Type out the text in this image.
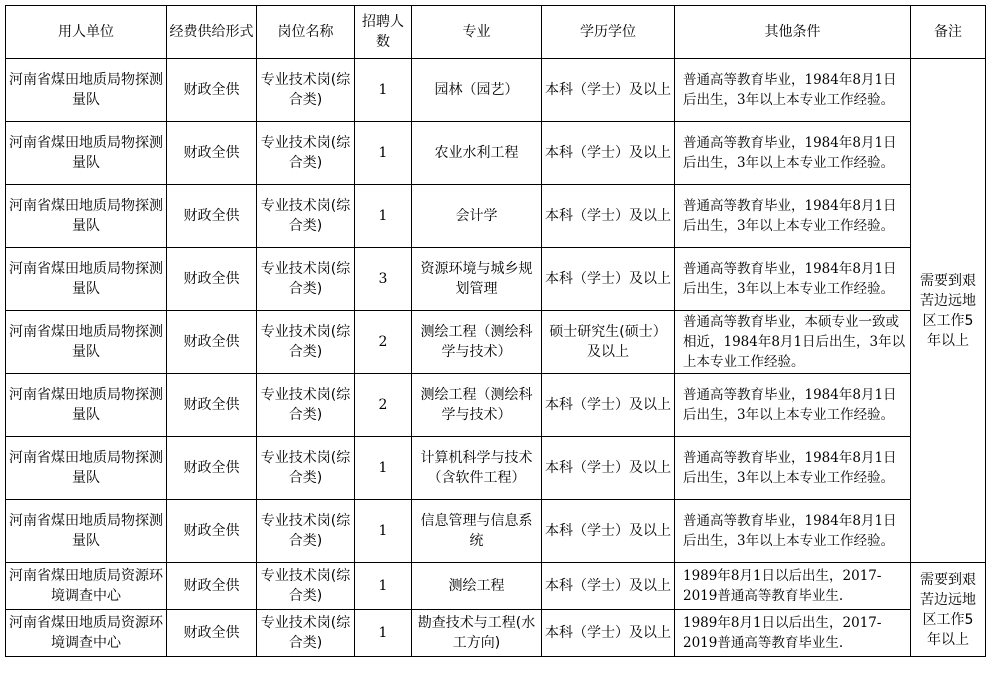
用人单位	经费供给形式	岗位名称	招聘人数	专业	学历学位	其他条件	备注
河南省煤田地质局物探测量队	财政全供	专业技术岗(综合类)	1	园林（园艺）	本科（学士）及以上	普通高等教育毕业，1984年8月1日后出生，3年以上本专业工作经验。	需要到艰苦边远地区工作5年以上
河南省煤田地质局物探测量队	财政全供	专业技术岗(综合类)	1	农业水利工程	本科（学士）及以上	普通高等教育毕业，1984年8月1日后出生，3年以上本专业工作经验。	
河南省煤田地质局物探测量队	财政全供	专业技术岗(综合类)	1	会计学	本科（学士）及以上	普通高等教育毕业，1984年8月1日后出生，3年以上本专业工作经验。	
河南省煤田地质局物探测量队	财政全供	专业技术岗(综合类)	3	资源环境与城乡规划管理	本科（学士）及以上	普通高等教育毕业，1984年8月1日后出生，3年以上本专业工作经验。	
河南省煤田地质局物探测量队	财政全供	专业技术岗(综合类)	2	测绘工程（测绘科学与技术）	硕士研究生(硕士）及以上	普通高等教育毕业，本硕专业一致或相近，1984年8月1日后出生，3年以上本专业工作经验。	
河南省煤田地质局物探测量队	财政全供	专业技术岗(综合类)	2	测绘工程（测绘科学与技术）	本科（学士）及以上	普通高等教育毕业，1984年8月1日后出生，3年以上本专业工作经验。	
河南省煤田地质局物探测量队	财政全供	专业技术岗(综合类)	1	计算机科学与技术（含软件工程）	本科（学士）及以上	普通高等教育毕业，1984年8月1日后出生，3年以上本专业工作经验。	
河南省煤田地质局物探测量队	财政全供	专业技术岗(综合类)	1	信息管理与信息系统	本科（学士）及以上	普通高等教育毕业，1984年8月1日后出生，3年以上本专业工作经验。	
河南省煤田地质局资源环境调查中心	财政全供	专业技术岗(综合类)	1	测绘工程	本科（学士）及以上	1989年8月1日以后出生，2017-2019普通高等教育毕业生.	需要到艰苦边远地区工作5年以上
河南省煤田地质局资源环境调查中心	财政全供	专业技术岗(综合类)	1	勘查技术与工程(水工方向)	本科（学士）及以上	1989年8月1日以后出生，2017-2019普通高等教育毕业生.	
